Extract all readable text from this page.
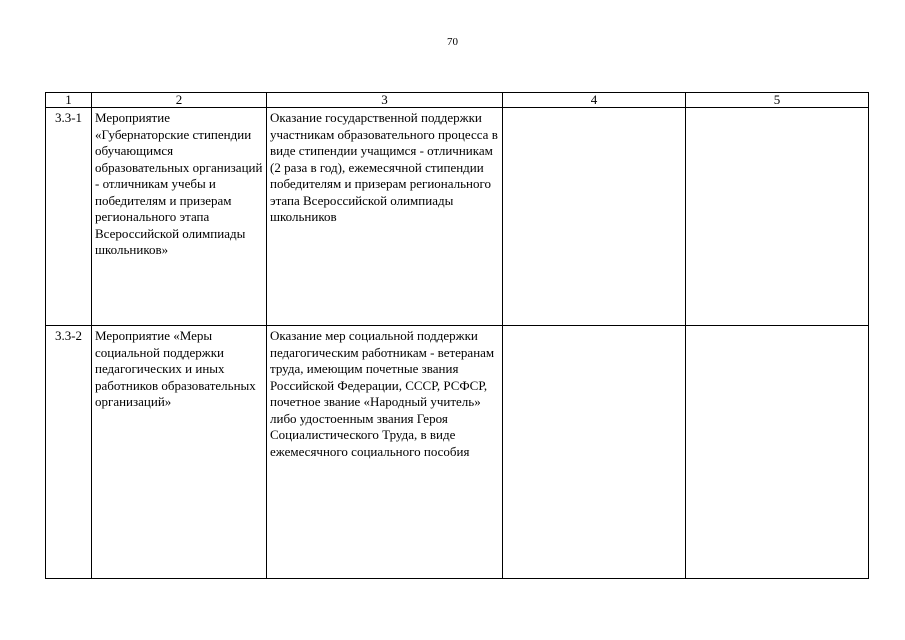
70
1	2	3	4	5
3.3-1	Мероприятие «Губернаторские стипендии обучающимся образовательных организаций - отличникам учебы и победителям и призерам регионального этапа Всероссийской олимпиады школьников»	Оказание государственной поддержки участникам образовательного процесса в виде стипендии учащимся - отличникам (2 раза в год), ежемесячной стипендии победителям и призерам регионального этапа Всероссийской олимпиады школьников		
3.3-2	Мероприятие «Меры социальной поддержки педагогических и иных работников образовательных организаций»	Оказание мер социальной поддержки педагогическим работникам - ветеранам труда, имеющим почетные звания Российской Федерации, СССР, РСФСР, почетное звание «Народный учитель» либо удостоенным звания Героя Социалистического Труда, в виде ежемесячного социального пособия		
